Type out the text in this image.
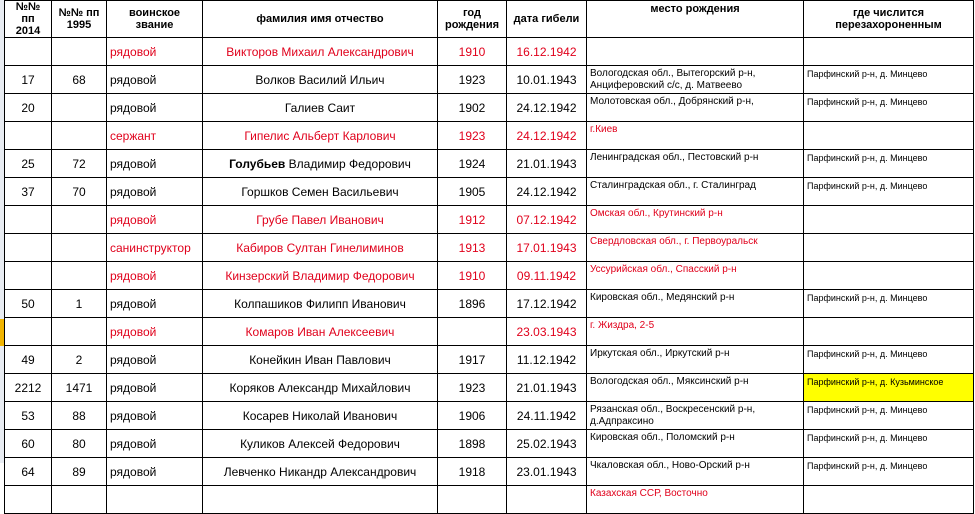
№№ пп 2014	№№ пп 1995	воинское звание	фамилия имя отчество	год рождения	дата гибели	место рождения	где числится перезахороненным
		рядовой	Викторов Михаил Александрович	1910	16.12.1942		
17	68	рядовой	Волков Василий Ильич	1923	10.01.1943	Вологодская обл., Вытегорский р-н, Анциферовский с/с, д. Матвеево	Парфинский р-н, д. Минцево
20		рядовой	Галиев Саит	1902	24.12.1942	Молотовская обл., Добрянский р-н,	Парфинский р-н, д. Минцево
		сержант	Гипелис Альберт Карлович	1923	24.12.1942	г.Киев	
25	72	рядовой	Голубьев Владимир Федорович	1924	21.01.1943	Ленинградская обл., Пестовский р-н	Парфинский р-н, д. Минцево
37	70	рядовой	Горшков Семен Васильевич	1905	24.12.1942	Сталинградская обл., г. Сталинград	Парфинский р-н, д. Минцево
		рядовой	Грубе Павел Иванович	1912	07.12.1942	Омская обл., Крутинский р-н	
		санинструктор	Кабиров Султан Гинелиминов	1913	17.01.1943	Свердловская обл., г. Первоуральск	
		рядовой	Кинзерский Владимир Федорович	1910	09.11.1942	Уссурийская обл., Спасский р-н	
50	1	рядовой	Колпашиков Филипп Иванович	1896	17.12.1942	Кировская обл., Медянский р-н	Парфинский р-н, д. Минцево
		рядовой	Комаров Иван Алексеевич		23.03.1943	г. Жиздра, 2-5	
49	2	рядовой	Конейкин Иван Павлович	1917	11.12.1942	Иркутская обл., Иркутский р-н	Парфинский р-н, д. Минцево
2212	1471	рядовой	Коряков Александр Михайлович	1923	21.01.1943	Вологодская обл., Мяксинский р-н	Парфинский р-н, д. Кузьминское
53	88	рядовой	Косарев Николай Иванович	1906	24.11.1942	Рязанская обл., Воскресенский р-н, д.Адпраксино	Парфинский р-н, д. Минцево
60	80	рядовой	Куликов Алексей Федорович	1898	25.02.1943	Кировская обл., Поломский р-н	Парфинский р-н, д. Минцево
64	89	рядовой	Левченко Никандр Александрович	1918	23.01.1943	Чкаловская обл., Ново-Орский р-н	Парфинский р-н, д. Минцево
						Казахская ССР, Восточно	
